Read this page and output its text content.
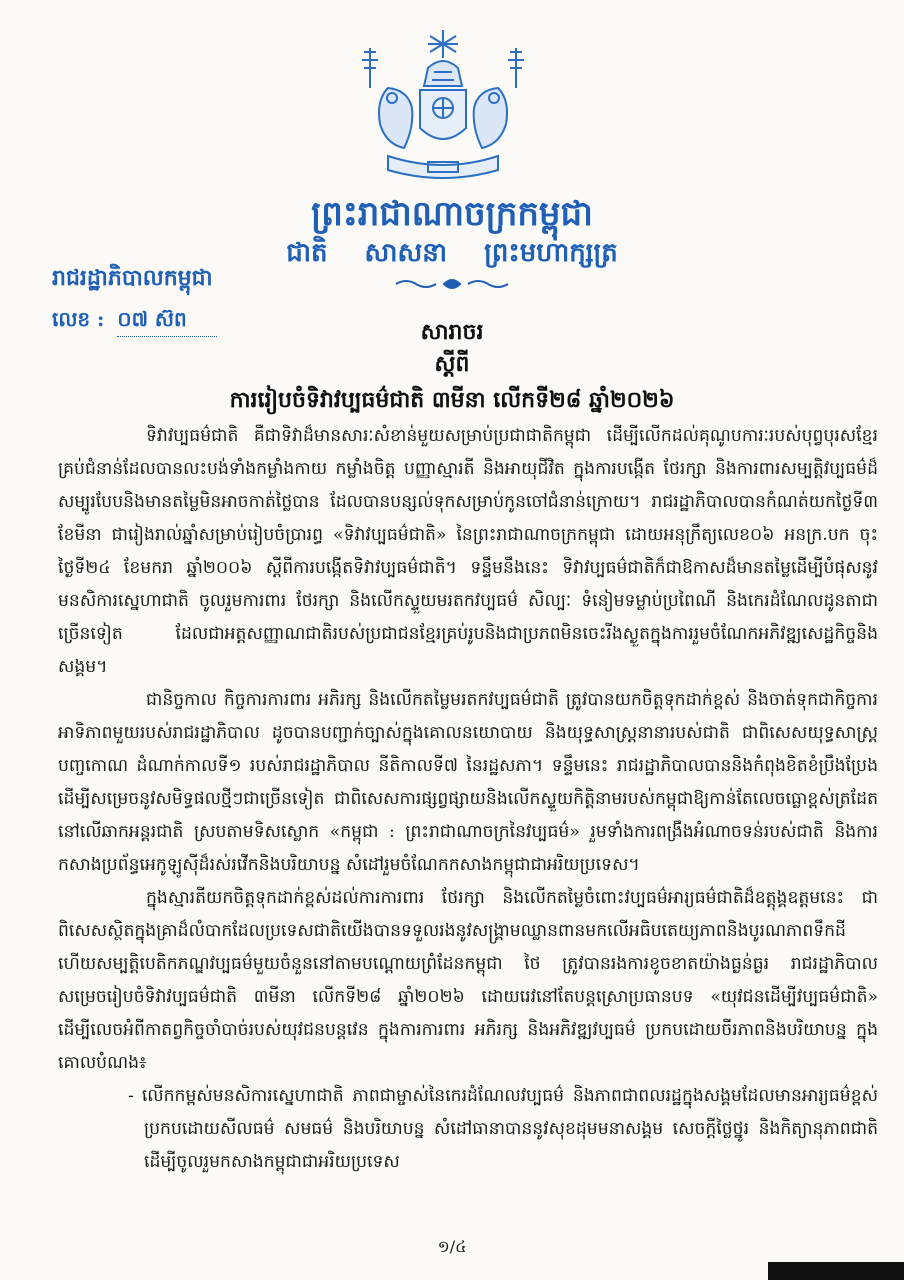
ព្រះរាជាណាចក្រកម្ពុជា
ជាតិ សាសនា ព្រះមហាក្សត្រ
រាជរដ្ឋាភិបាលកម្ពុជា
លេខ : ០៧ ស៊ព	សារាចរ
ស្តីពី
ការរៀបចំទិវាវប្បធម៌ជាតិ ៣មីនា លើកទី២៨ ឆ្នាំ២០២៦

ទិវាវប្បធម៌ជាតិ គឺជាទិវាដ៏មានសារៈសំខាន់មួយសម្រាប់ប្រជាជាតិកម្ពុជា ដើម្បីលើកដល់គុណូបការៈរបស់បុព្វបុរសខ្មែរគ្រប់ជំនាន់ដែលបានលះបង់ទាំងកម្លាំងកាយ កម្លាំងចិត្ត បញ្ញាស្មារតី និងអាយុជីវិត ក្នុងការបង្កើត ថែរក្សា និងការពារសម្បត្តិវប្បធម៌ដ៏សម្បូរបែបនិងមានតម្លៃមិនអាចកាត់ថ្លៃបាន ដែលបានបន្សល់ទុកសម្រាប់កូនចៅជំនាន់ក្រោយ។ រាជរដ្ឋាភិបាលបានកំណត់យកថ្ងៃទី៣ ខែមីនា ជារៀងរាល់ឆ្នាំសម្រាប់រៀបចំប្រារព្ធ «ទិវាវប្បធម៌ជាតិ» នៃព្រះរាជាណាចក្រកម្ពុជា ដោយអនុក្រឹត្យលេខ០៦ អនក្រ.បក ចុះថ្ងៃទី២៤ ខែមករា ឆ្នាំ២០០៦ ស្តីពីការបង្កើតទិវាវប្បធម៌ជាតិ។ ទន្ទឹមនឹងនេះ ទិវាវប្បធម៌ជាតិក៏ជាឱកាសដ៏មានតម្លៃដើម្បីបំផុសនូវមនសិការស្នេហាជាតិ ចូលរួមការពារ ថែរក្សា និងលើកស្ទួយមរតកវប្បធម៌ សិល្បៈ ទំនៀមទម្លាប់ប្រពៃណី និងកេរដំណែលដូនតាជាច្រើនទៀត ដែលជាអត្តសញ្ញាណជាតិរបស់ប្រជាជនខ្មែរគ្រប់រូបនិងជាប្រភពមិនចេះរីងស្ងួតក្នុងការរួមចំណែកអភិវឌ្ឍសេដ្ឋកិច្ចនិងសង្គម។

ជានិច្ចកាល កិច្ចការការពារ អភិរក្ស និងលើកតម្លៃមរតកវប្បធម៌ជាតិ ត្រូវបានយកចិត្តទុកដាក់ខ្ពស់ និងចាត់ទុកជាកិច្ចការអាទិភាពមួយរបស់រាជរដ្ឋាភិបាល ដូចបានបញ្ជាក់ច្បាស់ក្នុងគោលនយោបាយ និងយុទ្ធសាស្ត្រនានារបស់ជាតិ ជាពិសេសយុទ្ធសាស្ត្របញ្ចកោណ ដំណាក់កាលទី១ របស់រាជរដ្ឋាភិបាល នីតិកាលទី៧ នៃរដ្ឋសភា។ ទន្ទឹមនេះ រាជរដ្ឋាភិបាលបាននិងកំពុងខិតខំប្រឹងប្រែង ដើម្បីសម្រេចនូវសមិទ្ធផលថ្មីៗជាច្រើនទៀត ជាពិសេសការផ្សព្វផ្សាយនិងលើកស្ទួយកិត្តិនាមរបស់កម្ពុជាឱ្យកាន់តែលេចធ្លោខ្ពស់ត្រដែតនៅលើឆាកអន្តរជាតិ ស្របតាមទិសស្លោក «កម្ពុជា : ព្រះរាជាណាចក្រនៃវប្បធម៌» រួមទាំងការពង្រឹងអំណាចទន់របស់ជាតិ និងការកសាងប្រព័ន្ធអេកូឡូស៊ីដ៏រស់រវើកនិងបរិយាបន្ន សំដៅរួមចំណែកកសាងកម្ពុជាជាអរិយប្រទេស។

ក្នុងស្មារតីយកចិត្តទុកដាក់ខ្ពស់ដល់ការការពារ ថែរក្សា និងលើកតម្លៃចំពោះវប្បធម៌អារ្យធម៌ជាតិដ៏ឧត្តុង្គឧត្តមនេះ ជាពិសេសស្ថិតក្នុងគ្រាដ៏លំបាកដែលប្រទេសជាតិយើងបានទទួលរងនូវសង្គ្រាមឈ្លានពានមកលើអធិបតេយ្យភាពនិងបូរណភាពទឹកដី ហើយសម្បត្តិបេតិកភណ្ឌវប្បធម៌មួយចំនួននៅតាមបណ្តោយព្រំដែនកម្ពុជា ថៃ ត្រូវបានរងការខូចខាតយ៉ាងធ្ងន់ធ្ងរ រាជរដ្ឋាភិបាលសម្រេចរៀបចំទិវាវប្បធម៌ជាតិ ៣មីនា លើកទី២៨ ឆ្នាំ២០២៦ ដោយរេវនៅតែបន្តស្រោប្រធានបទ «យុវជនដើម្បីវប្បធម៌ជាតិ» ដើម្បីលេចអំពីកាតព្វកិច្ចចាំបាច់របស់យុវជនបន្តវេន ក្នុងការការពារ អភិរក្ស និងអភិវឌ្ឍវប្បធម៌ ប្រកបដោយចីរភាពនិងបរិយាបន្ន ក្នុងគោលបំណង៖

- លើកកម្ពស់មនសិការស្នេហាជាតិ ភាពជាម្ចាស់នៃកេរដំណែលវប្បធម៌ និងភាពជាពលរដ្ឋក្នុងសង្គមដែលមានអារ្យធម៌ខ្ពស់ ប្រកបដោយសីលធម៌ សមធម៌ និងបរិយាបន្ន សំដៅធានាបាននូវសុខដុមមនាសង្គម សេចក្តីថ្លៃថ្នូរ និងកិត្យានុភាពជាតិ ដើម្បីចូលរួមកសាងកម្ពុជាជាអរិយប្រទេស

១/៤
